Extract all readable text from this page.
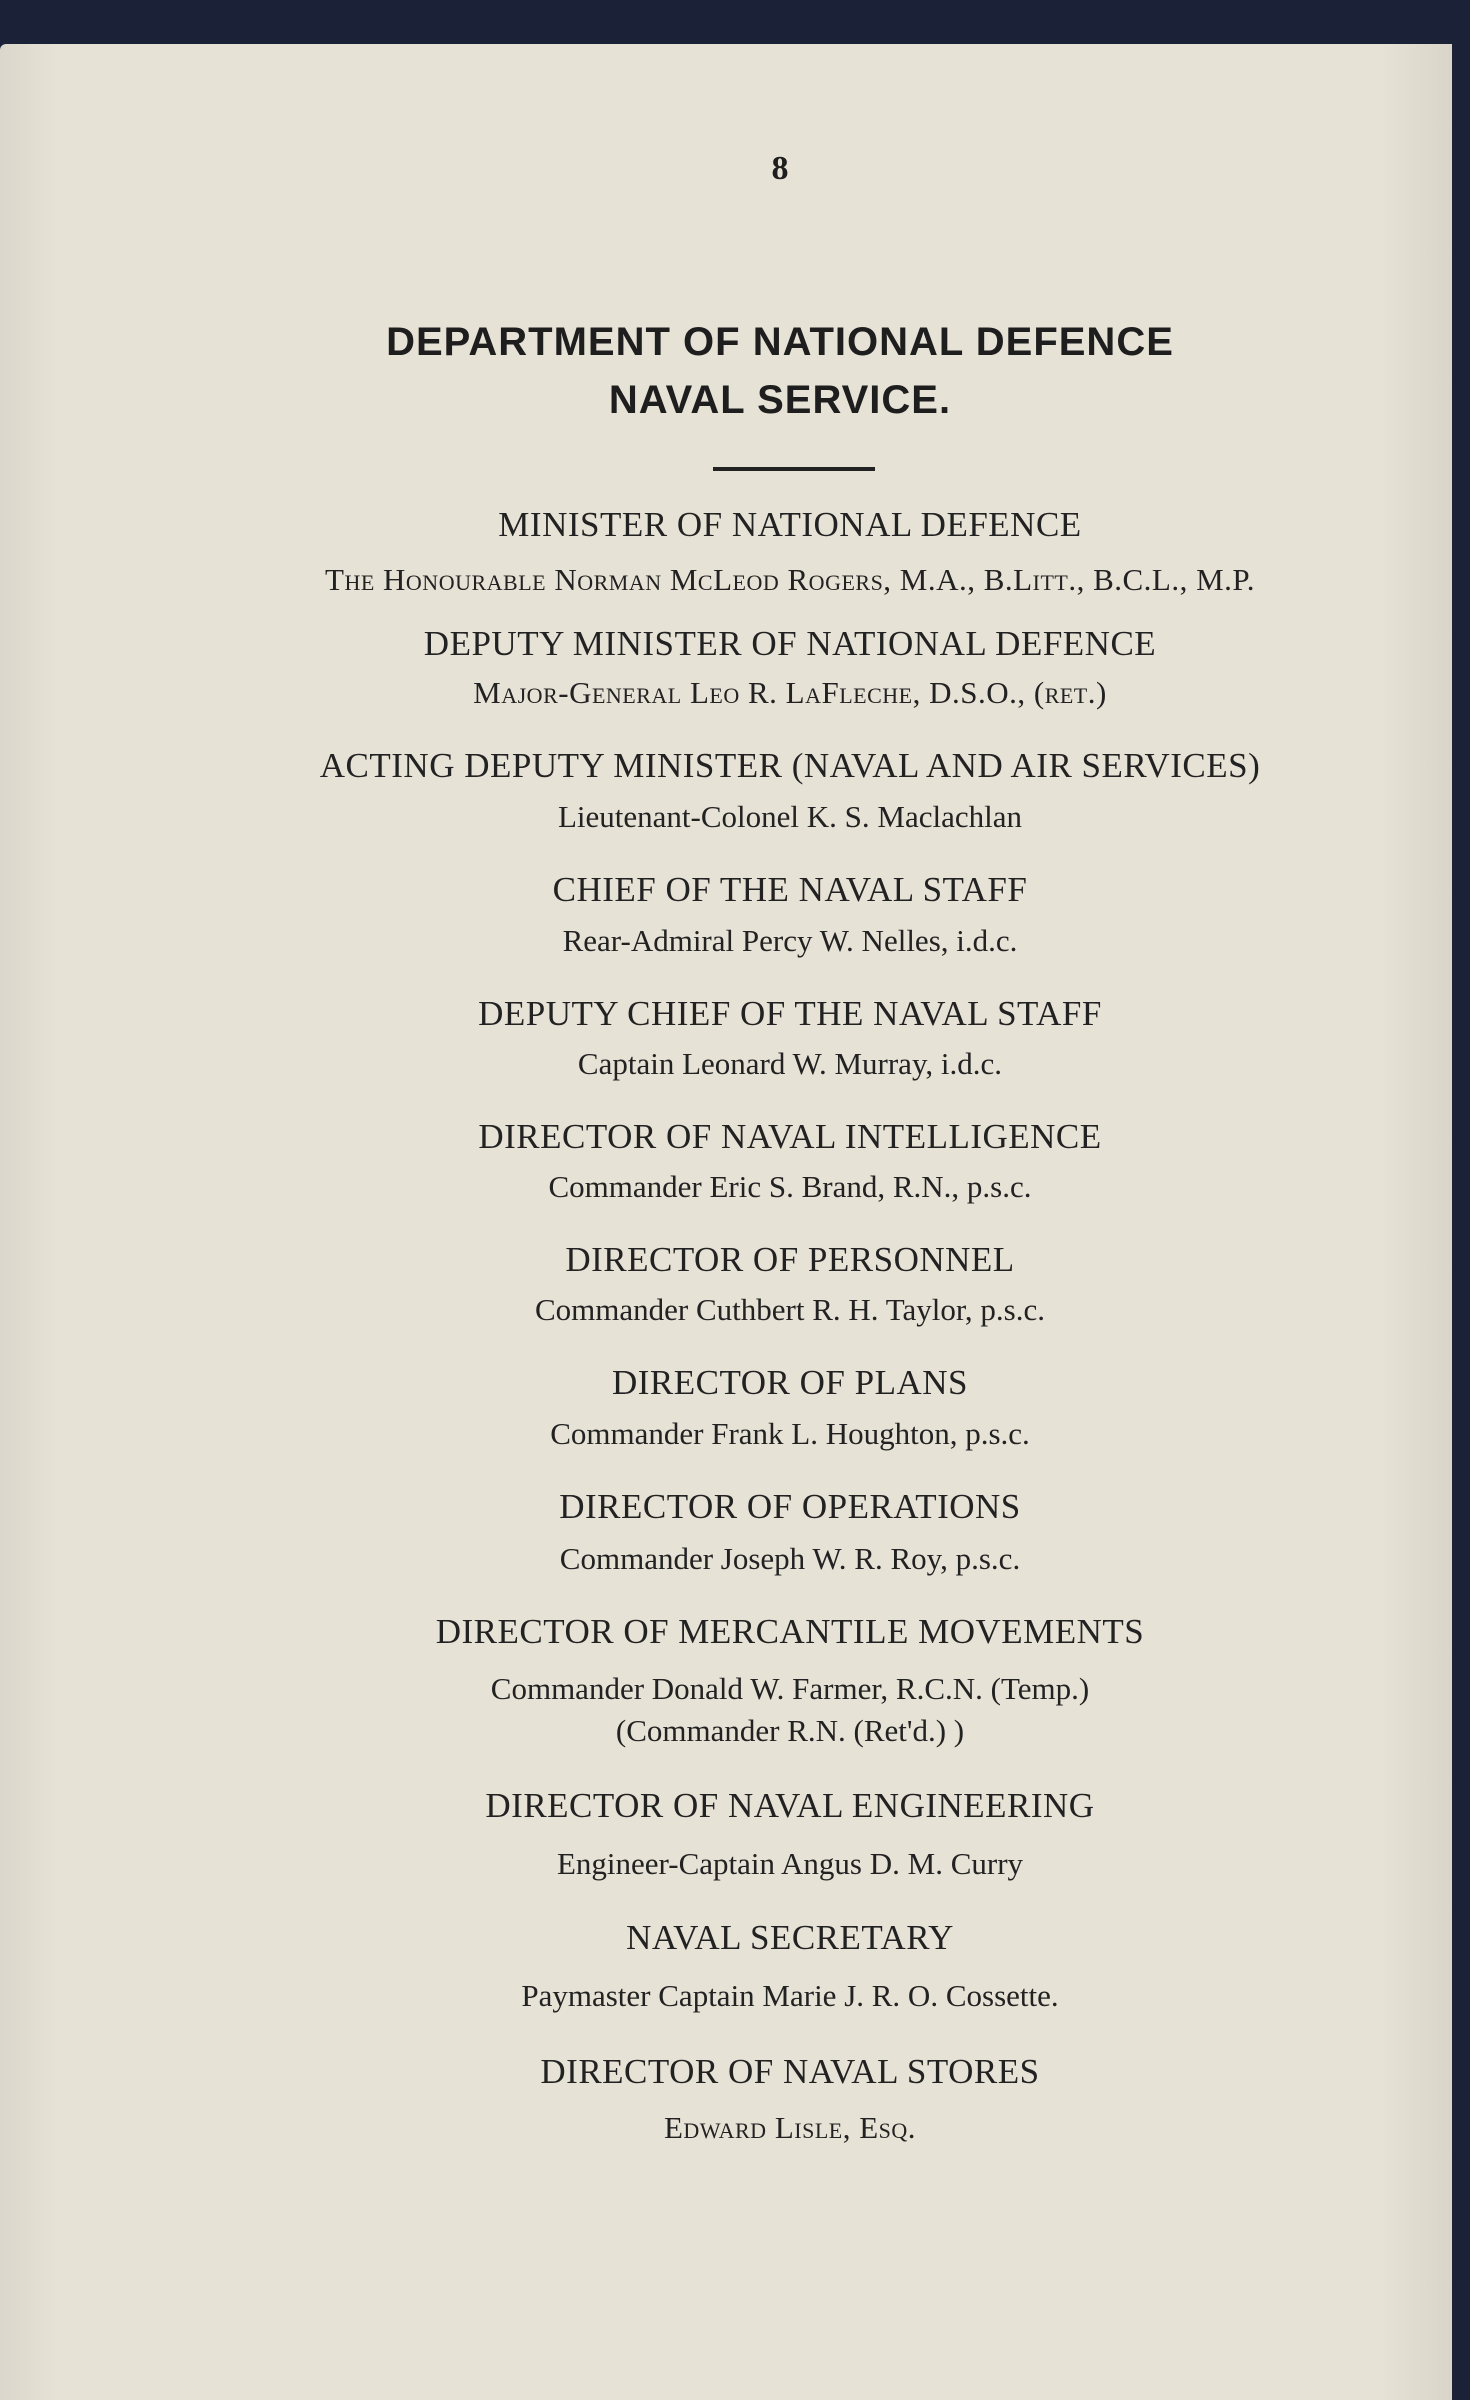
8
DEPARTMENT OF NATIONAL DEFENCE
NAVAL SERVICE.
MINISTER OF NATIONAL DEFENCE
The Honourable Norman McLeod Rogers, M.A., B.Litt., B.C.L., M.P.
DEPUTY MINISTER OF NATIONAL DEFENCE
Major-General Leo R. LaFleche, D.S.O., (ret.)
ACTING DEPUTY MINISTER (NAVAL AND AIR SERVICES)
Lieutenant-Colonel K. S. Maclachlan
CHIEF OF THE NAVAL STAFF
Rear-Admiral Percy W. Nelles, i.d.c.
DEPUTY CHIEF OF THE NAVAL STAFF
Captain Leonard W. Murray, i.d.c.
DIRECTOR OF NAVAL INTELLIGENCE
Commander Eric S. Brand, R.N., p.s.c.
DIRECTOR OF PERSONNEL
Commander Cuthbert R. H. Taylor, p.s.c.
DIRECTOR OF PLANS
Commander Frank L. Houghton, p.s.c.
DIRECTOR OF OPERATIONS
Commander Joseph W. R. Roy, p.s.c.
DIRECTOR OF MERCANTILE MOVEMENTS
Commander Donald W. Farmer, R.C.N. (Temp.)
(Commander R.N. (Ret'd.) )
DIRECTOR OF NAVAL ENGINEERING
Engineer-Captain Angus D. M. Curry
NAVAL SECRETARY
Paymaster Captain Marie J. R. O. Cossette.
DIRECTOR OF NAVAL STORES
Edward Lisle, Esq.
